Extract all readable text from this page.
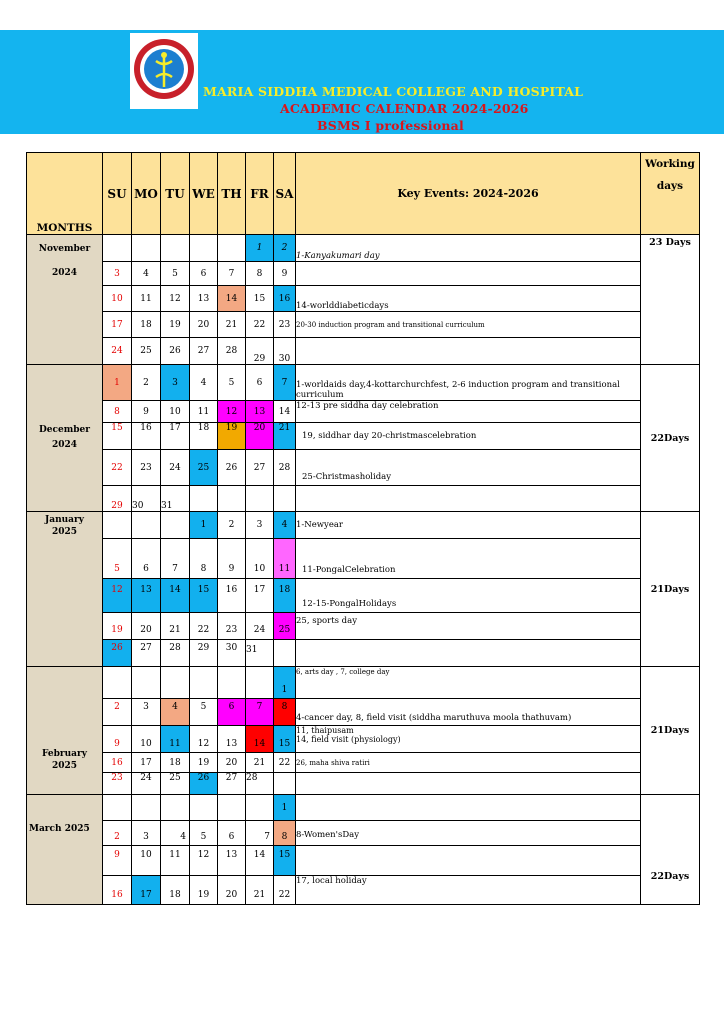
MARIA SIDDHA MEDICAL COLLEGE AND HOSPITAL
ACADEMIC CALENDAR 2024-2026
BSMS I professional
MONTHS	SU	MO	TU	WE	TH	FR	SA	Key Events: 2024-2026	Working
days
November
2024						1	2	1-Kanyakumari day	23 Days
	3	4	5	6	7	8	9		
	10	11	12	13	14	15	16	14-worlddiabeticdays	
	17	18	19	20	21	22	23	20-30 induction program and transitional curriculum	
	24	25	26	27	28	29	30		
December
2024	1	2	3	4	5	6	7	1-worldaids day,4-kottarchurchfest, 2-6 induction program and transitional curriculum	22Days
	8	9	10	11	12	13	14	12-13 pre siddha day celebration	
	15	16	17	18	19	20	21	19, siddhar day 20-christmascelebration	
	22	23	24	25	26	27	28	25-Christmasholiday	
	29	30	31						
January
2025				1	2	3	4	1-Newyear	21Days
	5	6	7	8	9	10	11	11-PongalCelebration	
	12	13	14	15	16	17	18	12-15-PongalHolidays	
	19	20	21	22	23	24	25	25, sports day	
	26	27	28	29	30	31			
February
2025							1	6, arts day , 7, college day	21Days
	2	3	4	5	6	7	8	4-cancer day, 8, field visit (siddha maruthuva moola thathuvam)	
	9	10	11	12	13	14	15	11, thaipusam
14, field visit (physiology)	
	16	17	18	19	20	21	22	26, maha shiva ratiri	
	23	24	25	26	27	28			
March 2025							1		22Days
	2	3	4	5	6	7	8	8-Women'sDay	
	9	10	11	12	13	14	15		
	16	17	18	19	20	21	22	17, local holiday	
